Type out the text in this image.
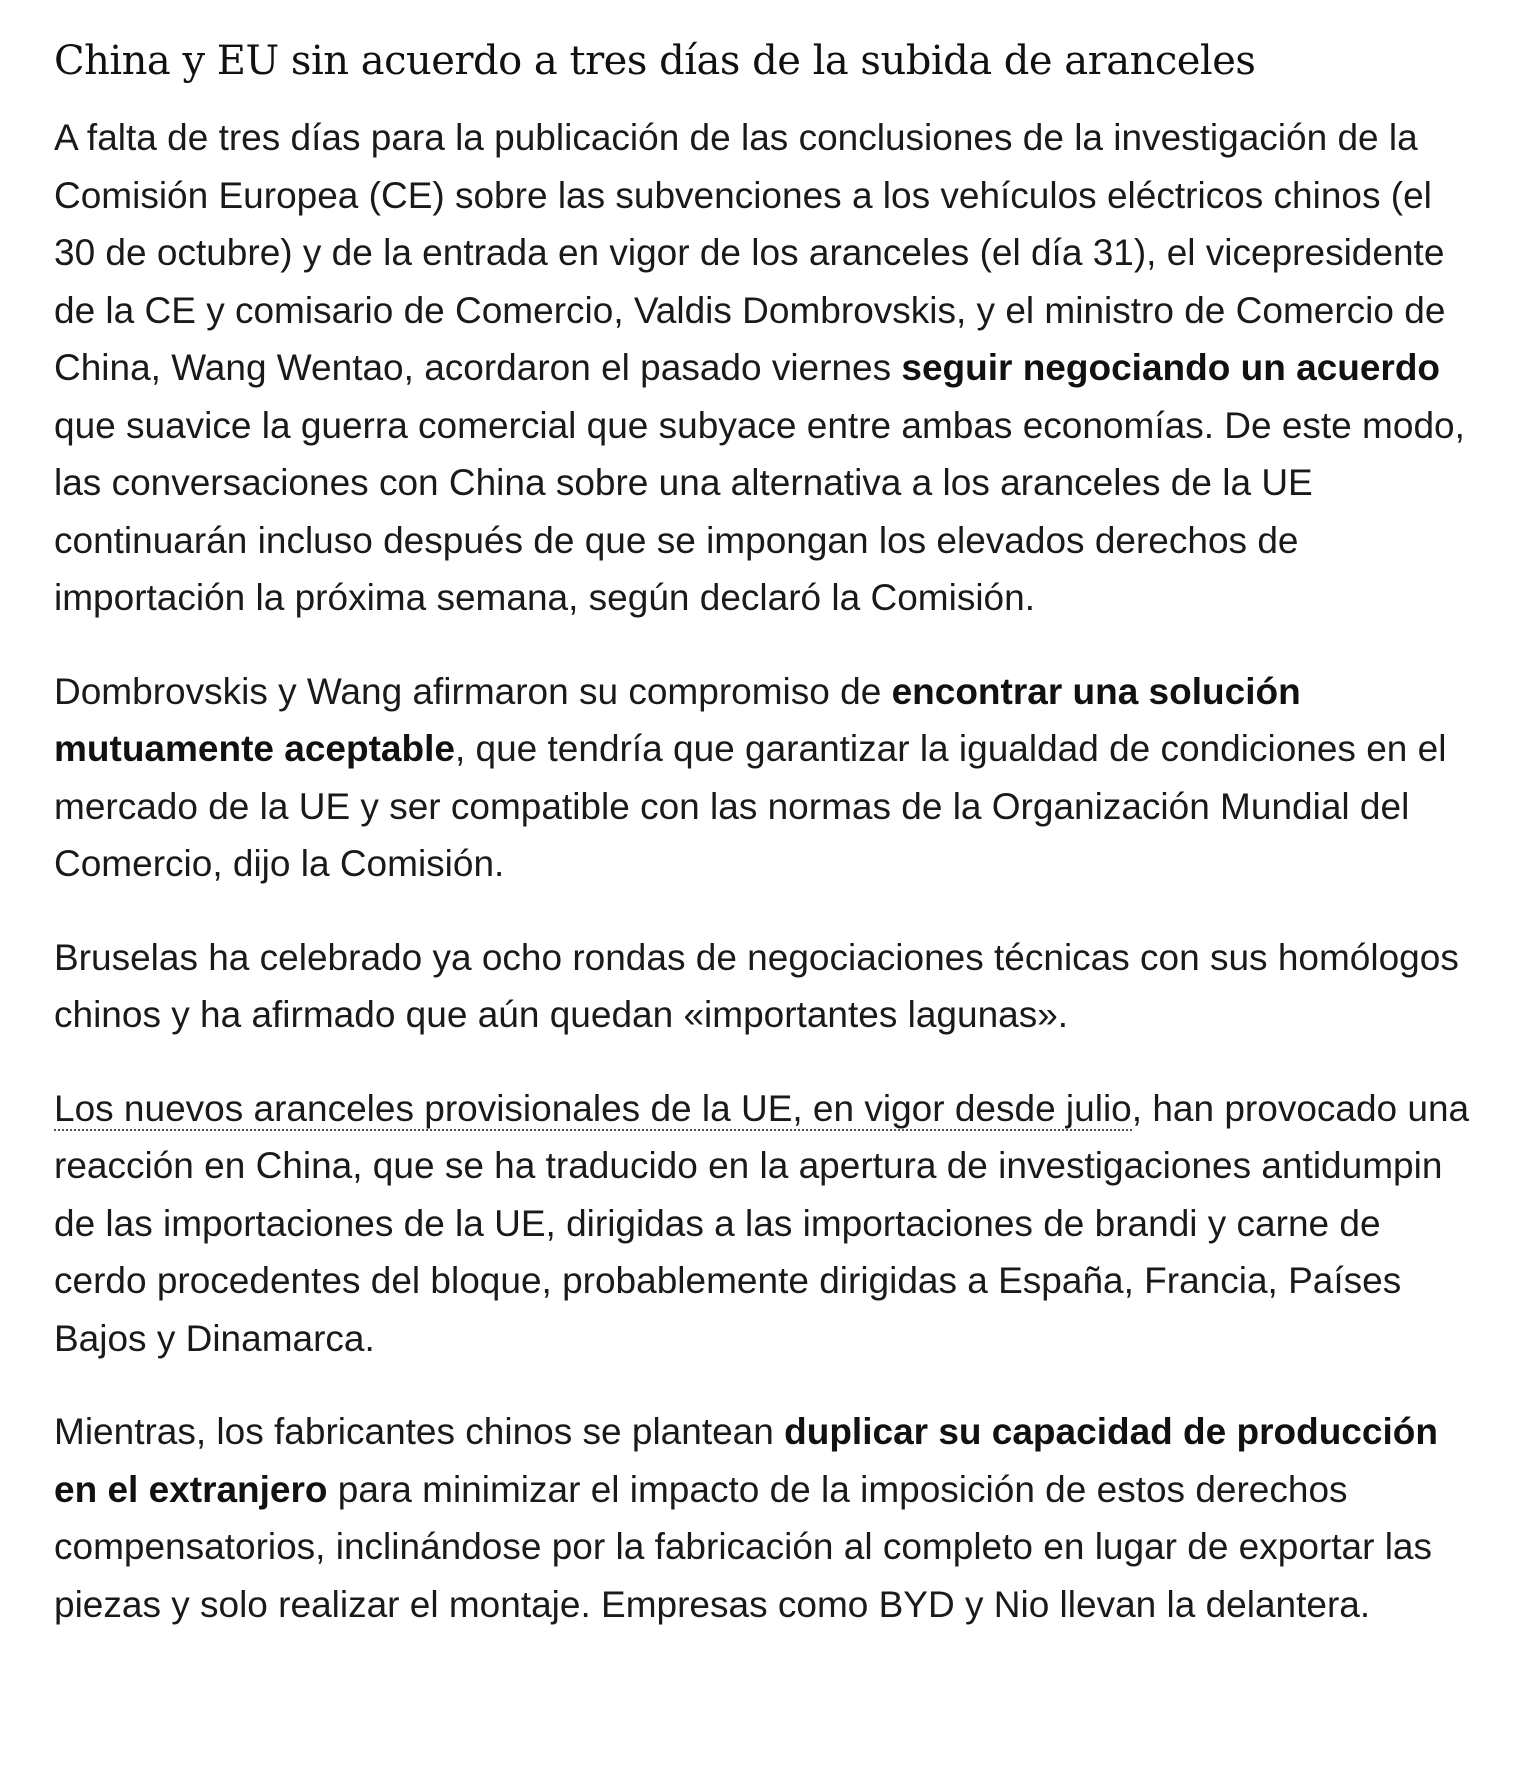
China y EU sin acuerdo a tres días de la subida de aranceles

A falta de tres días para la publicación de las conclusiones de la investigación de la Comisión Europea (CE) sobre las subvenciones a los vehículos eléctricos chinos (el 30 de octubre) y de la entrada en vigor de los aranceles (el día 31), el vicepresidente de la CE y comisario de Comercio, Valdis Dombrovskis, y el ministro de Comercio de China, Wang Wentao, acordaron el pasado viernes seguir negociando un acuerdo que suavice la guerra comercial que subyace entre ambas economías. De este modo, las conversaciones con China sobre una alternativa a los aranceles de la UE continuarán incluso después de que se impongan los elevados derechos de importación la próxima semana, según declaró la Comisión.

Dombrovskis y Wang afirmaron su compromiso de encontrar una solución mutuamente aceptable, que tendría que garantizar la igualdad de condiciones en el mercado de la UE y ser compatible con las normas de la Organización Mundial del Comercio, dijo la Comisión.

Bruselas ha celebrado ya ocho rondas de negociaciones técnicas con sus homólogos chinos y ha afirmado que aún quedan «importantes lagunas».

Los nuevos aranceles provisionales de la UE, en vigor desde julio, han provocado una reacción en China, que se ha traducido en la apertura de investigaciones antidumpin de las importaciones de la UE, dirigidas a las importaciones de brandi y carne de cerdo procedentes del bloque, probablemente dirigidas a España, Francia, Países Bajos y Dinamarca.

Mientras, los fabricantes chinos se plantean duplicar su capacidad de producción en el extranjero para minimizar el impacto de la imposición de estos derechos compensatorios, inclinándose por la fabricación al completo en lugar de exportar las piezas y solo realizar el montaje. Empresas como BYD y Nio llevan la delantera.
